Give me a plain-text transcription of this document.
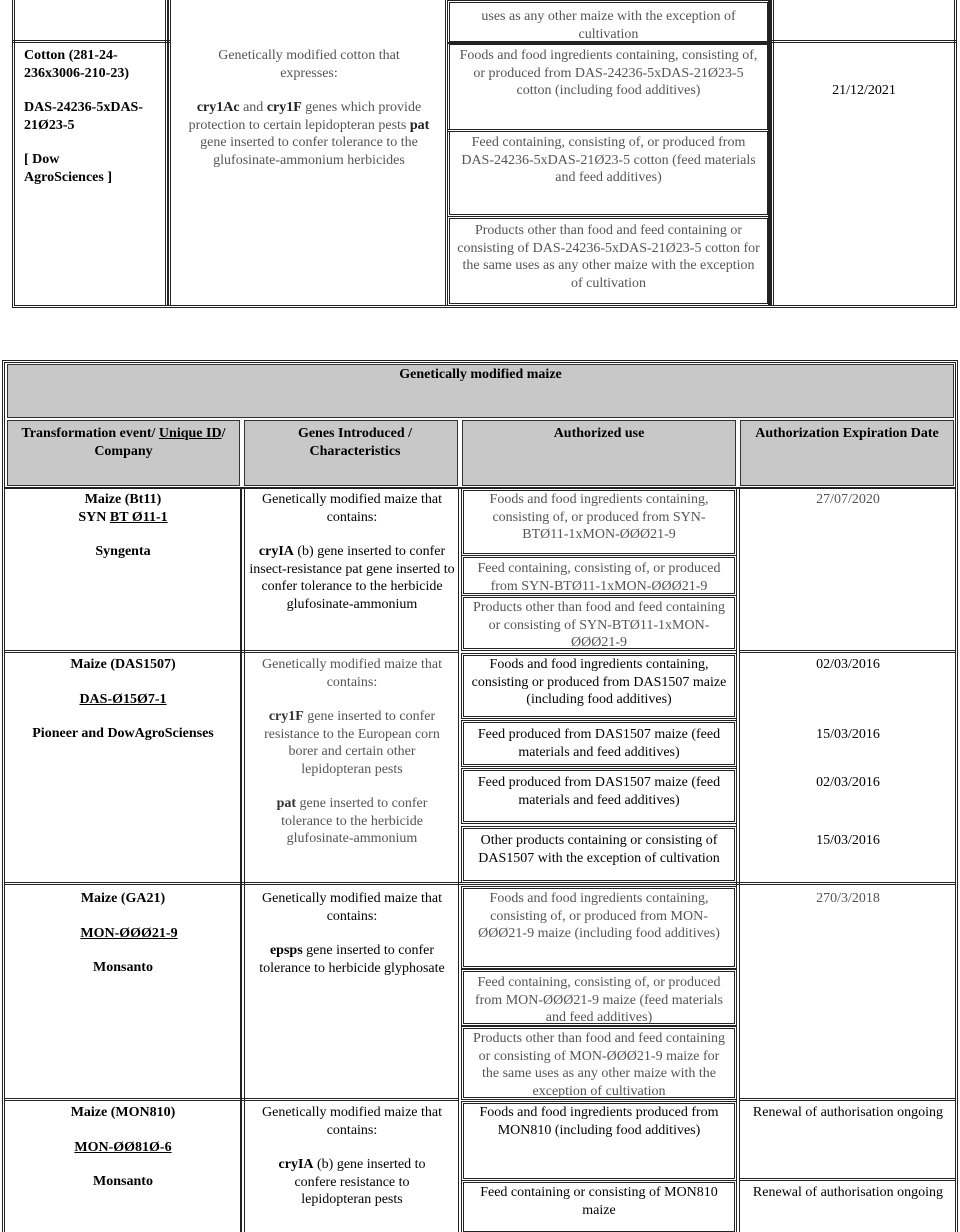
Cotton (281-24-
236x3006-210-23)
DAS-24236-5xDAS-
21Ø23-5
[ Dow
AgroSciences ]
Genetically modified cotton that expresses:
cry1Ac and cry1F genes which provide protection to certain lepidopteran pests pat gene inserted to confer tolerance to the glufosinate-ammonium herbicides
uses as any other maize with the exception of cultivation
Foods and food ingredients containing, consisting of, or produced from DAS-24236-5xDAS-21Ø23-5 cotton (including food additives)
Feed containing, consisting of, or produced from DAS-24236-5xDAS-21Ø23-5 cotton (feed materials and feed additives)
Products other than food and feed containing or consisting of DAS-24236-5xDAS-21Ø23-5 cotton for the same uses as any other maize with the exception of cultivation
21/12/2021
Genetically modified maize
Transformation event/ Unique ID/
Company
Genes Introduced / Characteristics
Authorized use	Authorization Expiration Date
Maize (Bt11)
SYN BT Ø11-1
Syngenta
Genetically modified maize that contains:
cryIA (b) gene inserted to confer insect-resistance pat gene inserted to confer tolerance to the herbicide glufosinate-ammonium
Foods and food ingredients containing, consisting of, or produced from SYN-BTØ11-1xMON-ØØØ21-9
Feed containing, consisting of, or produced from SYN-BTØ11-1xMON-ØØØ21-9
Products other than food and feed containing or consisting of SYN-BTØ11-1xMON-ØØØ21-9
27/07/2020
Maize (DAS1507)
DAS-Ø15Ø7-1
Pioneer and DowAgroScienses
Genetically modified maize that contains:
cry1F gene inserted to confer resistance to the European corn borer and certain other lepidopteran pests
pat gene inserted to confer tolerance to the herbicide glufosinate-ammonium
Foods and food ingredients containing, consisting or produced from DAS1507 maize (including food additives)
Feed produced from DAS1507 maize (feed materials and feed additives)
Feed produced from DAS1507 maize (feed materials and feed additives)
Other products containing or consisting of DAS1507 with the exception of cultivation
02/03/2016
15/03/2016
02/03/2016
15/03/2016
Maize (GA21)
MON-ØØØ21-9
Monsanto
Genetically modified maize that contains:
epsps gene inserted to confer tolerance to herbicide glyphosate
Foods and food ingredients containing, consisting of, or produced from MON-ØØØ21-9 maize (including food additives)
Feed containing, consisting of, or produced from MON-ØØØ21-9 maize (feed materials and feed additives)
Products other than food and feed containing or consisting of MON-ØØØ21-9 maize for the same uses as any other maize with the exception of cultivation
270/3/2018
Maize (MON810)
MON-ØØ81Ø-6
Monsanto
Genetically modified maize that contains:
cryIA (b) gene inserted to confere resistance to lepidopteran pests
Foods and food ingredients produced from MON810 (including food additives)
Feed containing or consisting of MON810 maize
Renewal of authorisation ongoing
Renewal of authorisation ongoing
